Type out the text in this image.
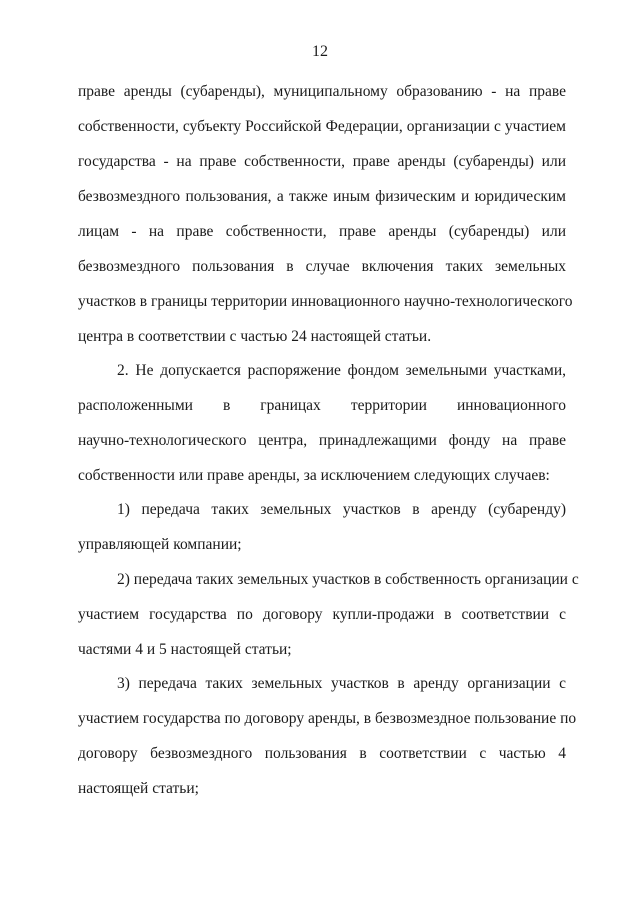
12
праве аренды (субаренды), муниципальному образованию - на праве
собственности, субъекту Российской Федерации, организации с участием
государства - на праве собственности, праве аренды (субаренды) или
безвозмездного пользования, а также иным физическим и юридическим
лицам - на праве собственности, праве аренды (субаренды) или
безвозмездного пользования в случае включения таких земельных
участков в границы территории инновационного научно-технологического
центра в соответствии с частью 24 настоящей статьи.
2. Не допускается распоряжение фондом земельными участками,
расположенными в границах территории инновационного
научно-технологического центра, принадлежащими фонду на праве
собственности или праве аренды, за исключением следующих случаев:
1) передача таких земельных участков в аренду (субаренду)
управляющей компании;
2) передача таких земельных участков в собственность организации с
участием государства по договору купли-продажи в соответствии с
частями 4 и 5 настоящей статьи;
3) передача таких земельных участков в аренду организации с
участием государства по договору аренды, в безвозмездное пользование по
договору безвозмездного пользования в соответствии с частью 4
настоящей статьи;
